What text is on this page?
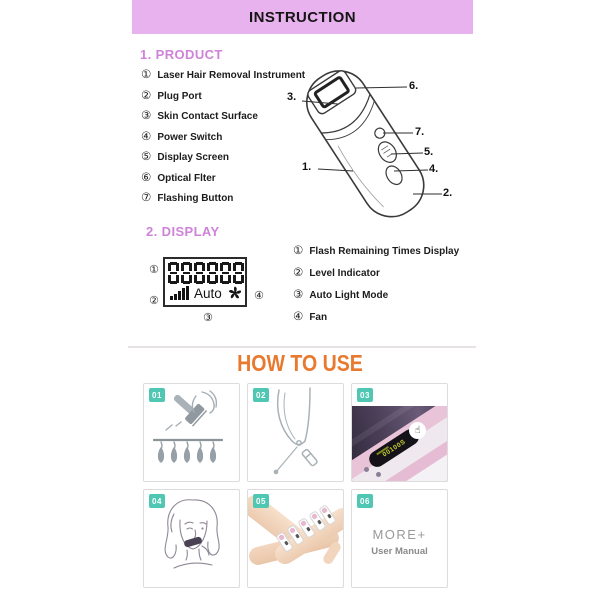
INSTRUCTION
1. PRODUCT
① Laser Hair Removal Instrument
② Plug Port
③ Skin Contact Surface
④ Power Switch
⑤ Display Screen
⑥ Optical Flter
⑦ Flashing Button
1.
2.
3.
4.
5.
6.
7.
2. DISPLAY
Auto
①
②
③
④
① Flash Remaining Times Display
② Level Indicator
③ Auto Light Mode
④ Fan
HOW TO USE
01	02	03
00100S
☝
04	05	06
MORE+
User Manual
